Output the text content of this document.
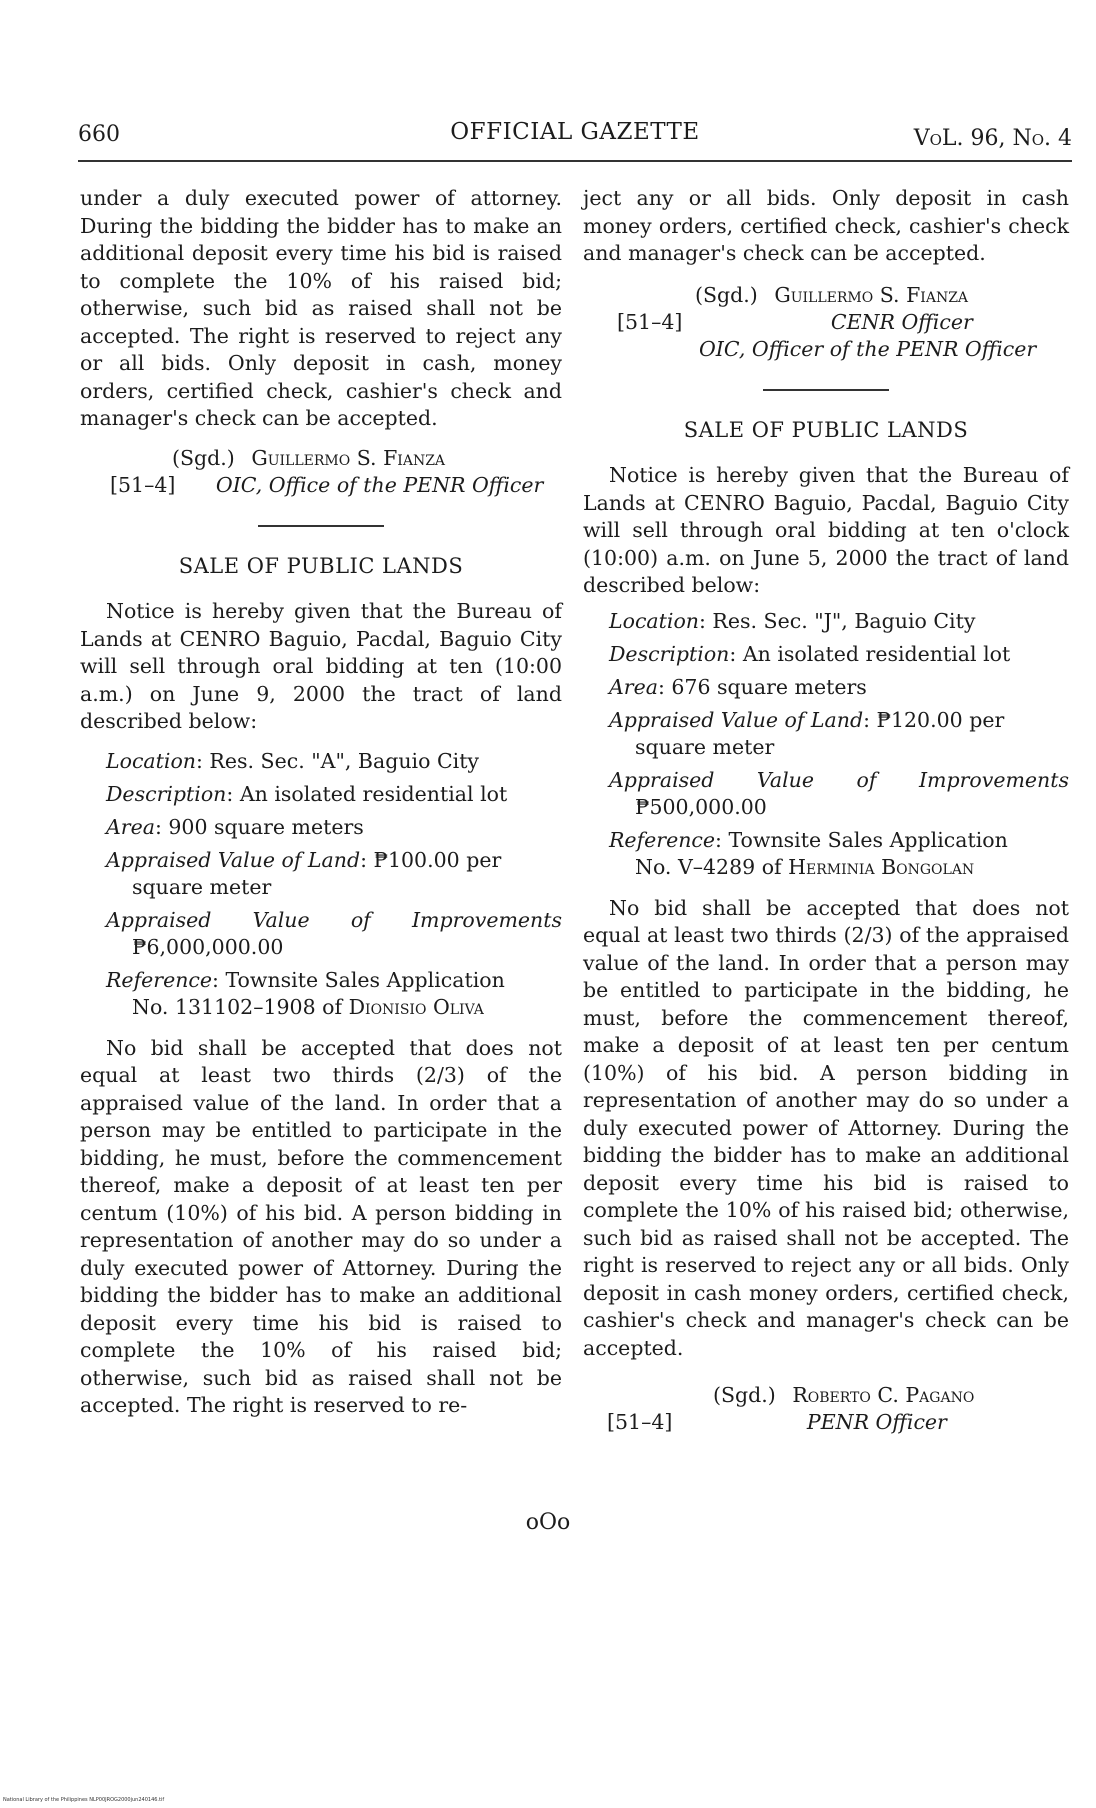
660	OFFICIAL GAZETTE	VoL. 96, No. 4

under a duly executed power of attorney. During the bidding the bidder has to make an additional deposit every time his bid is raised to complete the 10% of his raised bid; otherwise, such bid as raised shall not be accepted. The right is reserved to reject any or all bids. Only deposit in cash, money orders, certified check, cashier's check and manager's check can be accepted.

(Sgd.) Guillermo S. Fianza
[51–4] OIC, Office of the PENR Officer
SALE OF PUBLIC LANDS

Notice is hereby given that the Bureau of Lands at CENRO Baguio, Pacdal, Baguio City will sell through oral bidding at ten (10:00 a.m.) on June 9, 2000 the tract of land described below:

Location: Res. Sec. "A", Baguio City
Description: An isolated residential lot
Area: 900 square meters
Appraised Value of Land: ₱100.00 per
square meter
Appraised Value of Improvements
₱6,000,000.00
Reference: Townsite Sales Application
No. 131102–1908 of Dionisio Oliva

No bid shall be accepted that does not equal at least two thirds (2/3) of the appraised value of the land. In order that a person may be entitled to participate in the bidding, he must, before the commencement thereof, make a deposit of at least ten per centum (10%) of his bid. A person bidding in representation of another may do so under a duly executed power of Attorney. During the bidding the bidder has to make an additional deposit every time his bid is raised to complete the 10% of his raised bid; otherwise, such bid as raised shall not be accepted. The right is reserved to re-

ject any or all bids. Only deposit in cash money orders, certified check, cashier's check and manager's check can be accepted.

(Sgd.) Guillermo S. Fianza
[51–4]	CENR Officer
OIC, Officer of the PENR Officer
SALE OF PUBLIC LANDS

Notice is hereby given that the Bureau of Lands at CENRO Baguio, Pacdal, Baguio City will sell through oral bidding at ten o'clock (10:00) a.m. on June 5, 2000 the tract of land described below:

Location: Res. Sec. "J", Baguio City
Description: An isolated residential lot
Area: 676 square meters
Appraised Value of Land: ₱120.00 per
square meter
Appraised Value of Improvements
₱500,000.00
Reference: Townsite Sales Application
No. V–4289 of Herminia Bongolan

No bid shall be accepted that does not equal at least two thirds (2/3) of the appraised value of the land. In order that a person may be entitled to participate in the bidding, he must, before the commencement thereof, make a deposit of at least ten per centum (10%) of his bid. A person bidding in representation of another may do so under a duly executed power of Attorney. During the bidding the bidder has to make an additional deposit every time his bid is raised to complete the 10% of his raised bid; otherwise, such bid as raised shall not be accepted. The right is reserved to reject any or all bids. Only deposit in cash money orders, certified check, cashier's check and manager's check can be accepted.

(Sgd.) Roberto C. Pagano
[51–4]	PENR Officer
oOo
National Library of the Philippines NLP00JROG2000jun240146.tif
